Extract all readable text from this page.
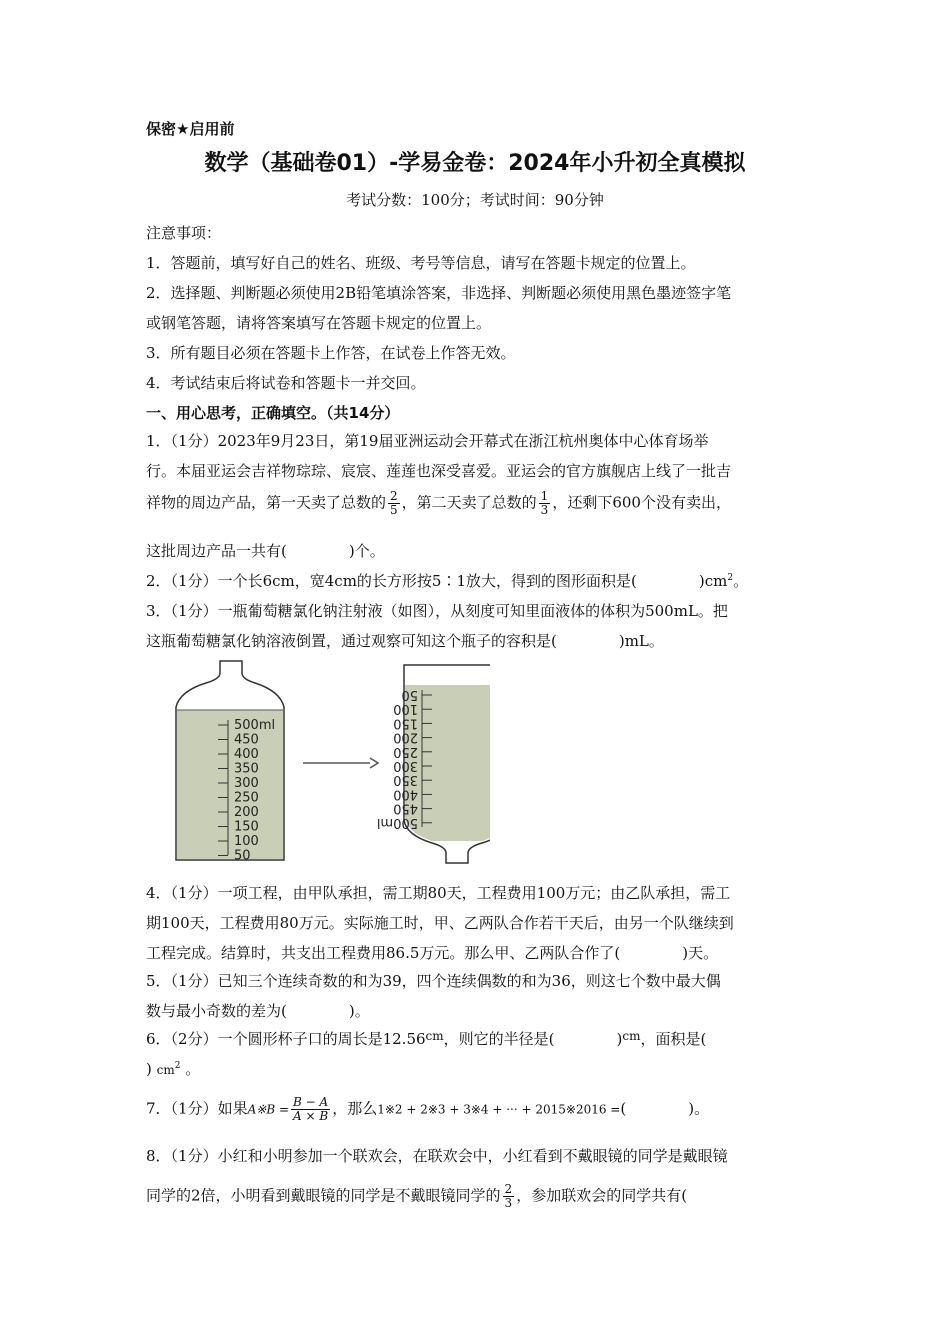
保密★启用前
数学（基础卷01）-学易金卷：2024年小升初全真模拟
考试分数：100分；考试时间：90分钟
注意事项：
1．答题前，填写好自己的姓名、班级、考号等信息，请写在答题卡规定的位置上。
2．选择题、判断题必须使用2B铅笔填涂答案，非选择、判断题必须使用黑色墨迹签字笔
或钢笔答题，请将答案填写在答题卡规定的位置上。
3．所有题目必须在答题卡上作答，在试卷上作答无效。
4．考试结束后将试卷和答题卡一并交回。
一、用心思考，正确填空。（共14分）
1．（1分）2023年9月23日，第19届亚洲运动会开幕式在浙江杭州奥体中心体育场举
行。本届亚运会吉祥物琮琮、宸宸、莲莲也深受喜爱。亚运会的官方旗舰店上线了一批吉
祥物的周边产品，第一天卖了总数的 $\frac{2}{5}$ ，第二天卖了总数的 $\frac{1}{3}$ ，还剩下600个没有卖出，
这批周边产品一共有(	)个。
2．（1分）一个长6cm，宽4cm的长方形按5∶1放大，得到的图形面积是(	)$cm^2$。
3．（1分）一瓶葡萄糖氯化钠注射液（如图），从刻度可知里面液体的体积为500mL。把
这瓶葡萄糖氯化钠溶液倒置，通过观察可知这个瓶子的容积是(	)mL。
500ml
450
400
350
300
250
200
150
100
50
50
100
150
200
250
300
350
400
450
500ml
4．（1分）一项工程，由甲队承担，需工期80天，工程费用100万元；由乙队承担，需工
期100天，工程费用80万元。实际施工时，甲、乙两队合作若干天后，由另一个队继续到
工程完成。结算时，共支出工程费用86.5万元。那么甲、乙两队合作了(	)天。
5．（1分）已知三个连续奇数的和为39，四个连续偶数的和为36，则这七个数中最大偶
数与最小奇数的差为(	)。
6．（2分）一个圆形杯子口的周长是$12.56^{cm}$，则它的半径是(	)$^{cm}$，面积是(
) $cm^2$ 。
7．（1分）如果A※B = $\frac{B - A}{A \times B}$ ，那么1※2 + 2※3 + 3※4 + ··· + 2015※2016 =(	)。
8．（1分）小红和小明参加一个联欢会，在联欢会中，小红看到不戴眼镜的同学是戴眼镜
同学的2倍，小明看到戴眼镜的同学是不戴眼镜同学的 $\frac{2}{3}$ ，参加联欢会的同学共有(
